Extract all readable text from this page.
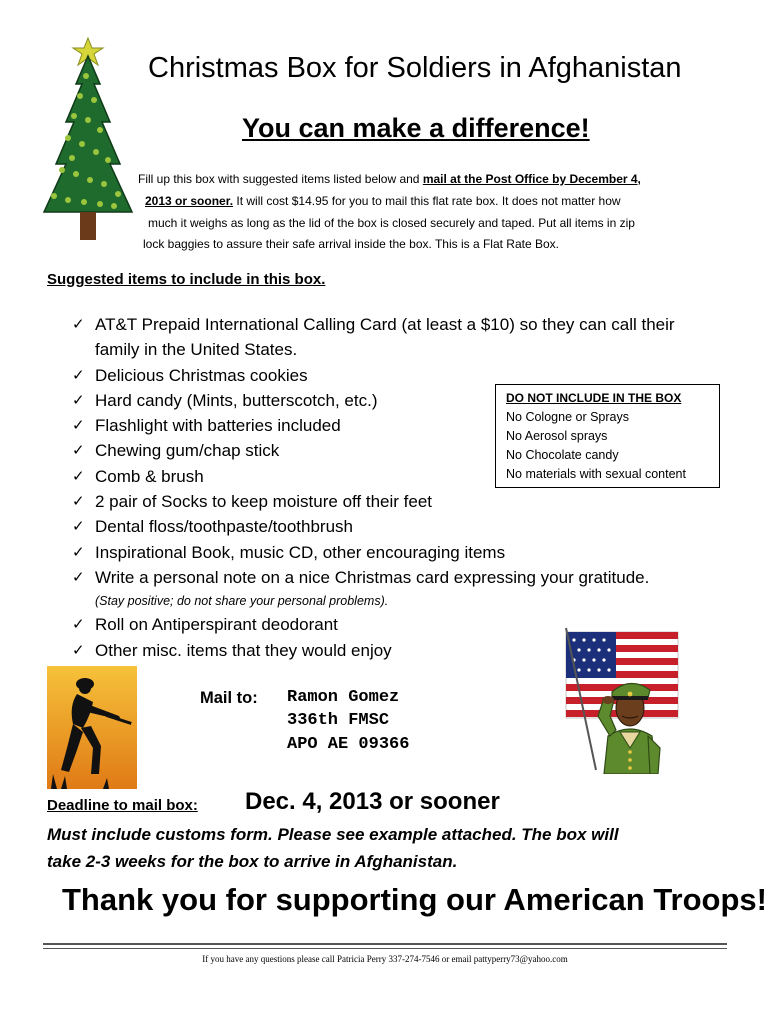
Christmas Box for Soldiers in Afghanistan
You can make a difference!
Fill up this box with suggested items listed below and mail at the Post Office by December 4,
2013 or sooner. It will cost $14.95 for you to mail this flat rate box. It does not matter how
much it weighs as long as the lid of the box is closed securely and taped. Put all items in zip
lock baggies to assure their safe arrival inside the box. This is a Flat Rate Box.
Suggested items to include in this box.
✓ AT&T Prepaid International Calling Card (at least a $10) so they can call their
family in the United States.
✓ Delicious Christmas cookies
✓ Hard candy (Mints, butterscotch, etc.)
✓ Flashlight with batteries included
✓ Chewing gum/chap stick
✓ Comb & brush
✓ 2 pair of Socks to keep moisture off their feet
✓ Dental floss/toothpaste/toothbrush
✓ Inspirational Book, music CD, other encouraging items
✓ Write a personal note on a nice Christmas card expressing your gratitude.
(Stay positive; do not share your personal problems).
✓ Roll on Antiperspirant deodorant
✓ Other misc. items that they would enjoy
DO NOT INCLUDE IN THE BOX
No Cologne or Sprays
No Aerosol sprays
No Chocolate candy
No materials with sexual content
Mail to: Ramon Gomez
336th FMSC
APO AE 09366
Deadline to mail box: Dec. 4, 2013 or sooner
Must include customs form. Please see example attached. The box will
take 2-3 weeks for the box to arrive in Afghanistan.
Thank you for supporting our American Troops!
If you have any questions please call Patricia Perry 337-274-7546 or email pattyperry73@yahoo.com
